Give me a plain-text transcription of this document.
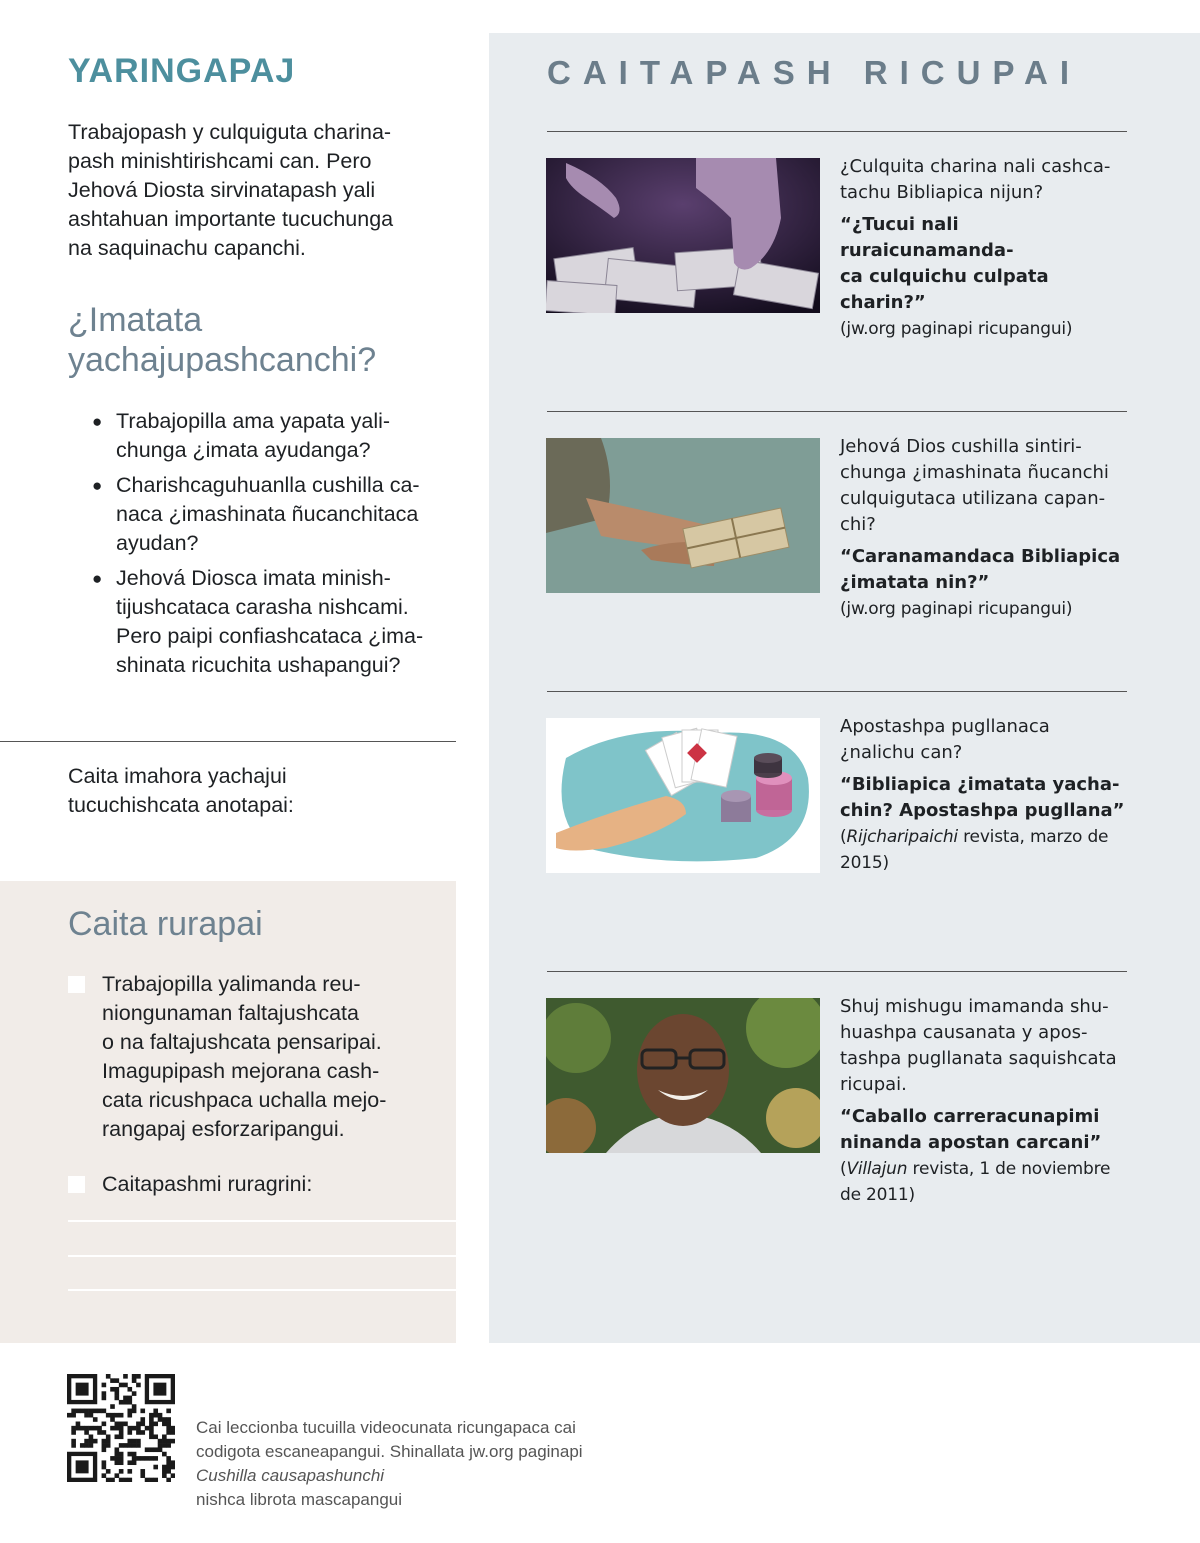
YARINGAPAJ

Trabajopash y culquiguta charina-
pash minishtirishcami can. Pero
Jehová Diosta sirvinatapash yali
ashtahuan importante tucuchunga
na saquinachu capanchi.

¿Imatata
yachajupashcanchi?
● Trabajopilla ama yapata yali-
chunga ¿imata ayudanga?
● Charishcaguhuanlla cushilla ca-
naca ¿imashinata ñucanchitaca
ayudan?
● Jehová Diosca imata minish-
tijushcataca carasha nishcami.
Pero paipi confiashcataca ¿ima-
shinata ricuchita ushapangui?

Caita imahora yachajui
tucuchishcata anotapai:

Caita rurapai
Trabajopilla yalimanda reu-
niongunaman faltajushcata
o na faltajushcata pensaripai.
Imagupipash mejorana cash-
cata ricushpaca uchalla mejo-
rangapaj esforzaripangui.
Caitapashmi ruragrini:
CAITAPASH RICUPAI

¿Culquita charina nali cashca-
tachu Bibliapica nijun?

“¿Tucui nali ruraicunamanda-
ca culquichu culpata charin?”

(jw.org paginapi ricupangui)

Jehová Dios cushilla sintiri-
chunga ¿imashinata ñucanchi
culquigutaca utilizana capan-
chi?

“Caranamandaca Bibliapica
¿imatata nin?”

(jw.org paginapi ricupangui)

Apostashpa pugllanaca
¿nalichu can?

“Bibliapica ¿imatata yacha-
chin? Apostashpa pugllana”

(Rijcharipaichi revista, marzo de
2015)

Shuj mishugu imamanda shu-
huashpa causanata y apos-
tashpa pugllanata saquishcata
ricupai.

“Caballo carreracunapimi
ninanda apostan carcani”

(Villajun revista, 1 de noviembre
de 2011)

Cai leccionba tucuilla videocunata ricungapaca cai
codigota escaneapangui. Shinallata jw.org paginapi
Cushilla causapashunchi
nishca librota mascapangui
